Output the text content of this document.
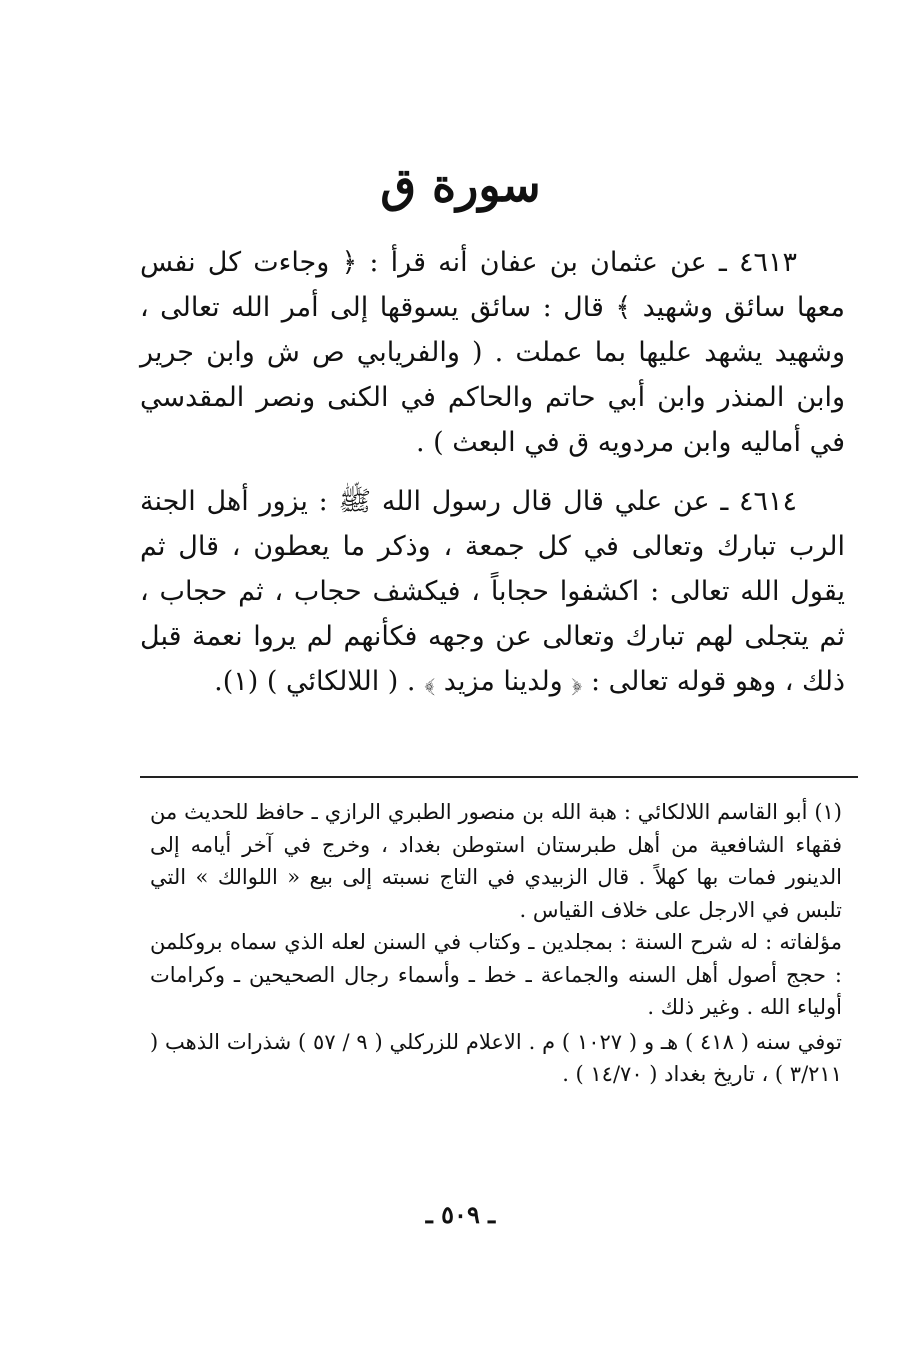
سورة ق

٤٦١٣ ـ عن عثمان بن عفان أنه قرأ : ﴿ وجاءت كل نفس معها سائق وشهيد ﴾ قال : سائق يسوقها إلى أمر الله تعالى ، وشهيد يشهد عليها بما عملت . ( والفريابي ص ش وابن جرير وابن المنذر وابن أبي حاتم والحاكم في الكنى ونصر المقدسي في أماليه وابن مردويه ق في البعث ) .

٤٦١٤ ـ عن علي قال قال رسول الله ﷺ : يزور أهل الجنة الرب تبارك وتعالى في كل جمعة ، وذكر ما يعطون ، قال ثم يقول الله تعالى : اكشفوا حجاباً ، فيكشف حجاب ، ثم حجاب ، ثم يتجلى لهم تبارك وتعالى عن وجهه فكأنهم لم يروا نعمة قبل ذلك ، وهو قوله تعالى : ﴿ ولدينا مزيد ﴾ . ( اللالكائي ) (١).

(١) أبو القاسم اللالكائي : هبة الله بن منصور الطبري الرازي ـ حافظ للحديث من فقهاء الشافعية من أهل طبرستان استوطن بغداد ، وخرج في آخر أيامه إلى الدينور فمات بها كهلاً . قال الزبيدي في التاج نسبته إلى بيع « اللوالك » التي تلبس في الارجل على خلاف القياس .

مؤلفاته : له شرح السنة : بمجلدين ـ وكتاب في السنن لعله الذي سماه بروكلمن : حجج أصول أهل السنه والجماعة ـ خط ـ وأسماء رجال الصحيحين ـ وكرامات أولياء الله . وغير ذلك .

توفي سنه ( ٤١٨ ) هـ و ( ١٠٢٧ ) م . الاعلام للزركلي ( ٩ / ٥٧ ) شذرات الذهب ( ٣/٢١١ ) ، تاريخ بغداد ( ١٤/٧٠ ) .

ـ ٥٠٩ ـ
